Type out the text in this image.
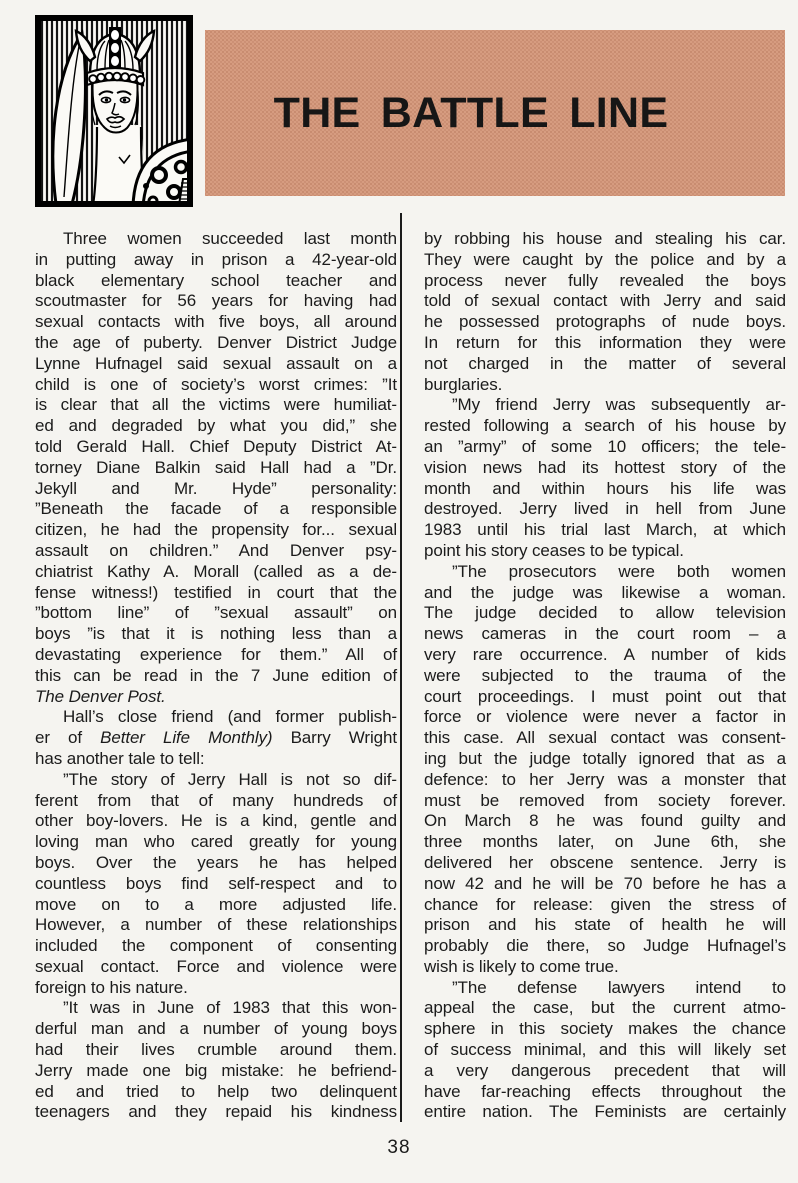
THE BATTLE LINE
Three women succeeded last month
in putting away in prison a 42-year-old
black elementary school teacher and
scoutmaster for 56 years for having had
sexual contacts with five boys, all around
the age of puberty. Denver District Judge
Lynne Hufnagel said sexual assault on a
child is one of society’s worst crimes: ”It
is clear that all the victims were humiliat-
ed and degraded by what you did,” she
told Gerald Hall. Chief Deputy District At-
torney Diane Balkin said Hall had a ”Dr.
Jekyll and Mr. Hyde” personality:
”Beneath the facade of a responsible
citizen, he had the propensity for... sexual
assault on children.” And Denver psy-
chiatrist Kathy A. Morall (called as a de-
fense witness!) testified in court that the
”bottom line” of ”sexual assault” on
boys ”is that it is nothing less than a
devastating experience for them.” All of
this can be read in the 7 June edition of
The Denver Post.
Hall’s close friend (and former publish-
er of Better Life Monthly) Barry Wright
has another tale to tell:
”The story of Jerry Hall is not so dif-
ferent from that of many hundreds of
other boy-lovers. He is a kind, gentle and
loving man who cared greatly for young
boys. Over the years he has helped
countless boys find self-respect and to
move on to a more adjusted life.
However, a number of these relationships
included the component of consenting
sexual contact. Force and violence were
foreign to his nature.
”It was in June of 1983 that this won-
derful man and a number of young boys
had their lives crumble around them.
Jerry made one big mistake: he befriend-
ed and tried to help two delinquent
teenagers and they repaid his kindness
by robbing his house and stealing his car.
They were caught by the police and by a
process never fully revealed the boys
told of sexual contact with Jerry and said
he possessed protographs of nude boys.
In return for this information they were
not charged in the matter of several
burglaries.
”My friend Jerry was subsequently ar-
rested following a search of his house by
an ”army” of some 10 officers; the tele-
vision news had its hottest story of the
month and within hours his life was
destroyed. Jerry lived in hell from June
1983 until his trial last March, at which
point his story ceases to be typical.
”The prosecutors were both women
and the judge was likewise a woman.
The judge decided to allow television
news cameras in the court room – a
very rare occurrence. A number of kids
were subjected to the trauma of the
court proceedings. I must point out that
force or violence were never a factor in
this case. All sexual contact was consent-
ing but the judge totally ignored that as a
defence: to her Jerry was a monster that
must be removed from society forever.
On March 8 he was found guilty and
three months later, on June 6th, she
delivered her obscene sentence. Jerry is
now 42 and he will be 70 before he has a
chance for release: given the stress of
prison and his state of health he will
probably die there, so Judge Hufnagel’s
wish is likely to come true.
”The defense lawyers intend to
appeal the case, but the current atmo-
sphere in this society makes the chance
of success minimal, and this will likely set
a very dangerous precedent that will
have far-reaching effects throughout the
entire nation. The Feminists are certainly
38
